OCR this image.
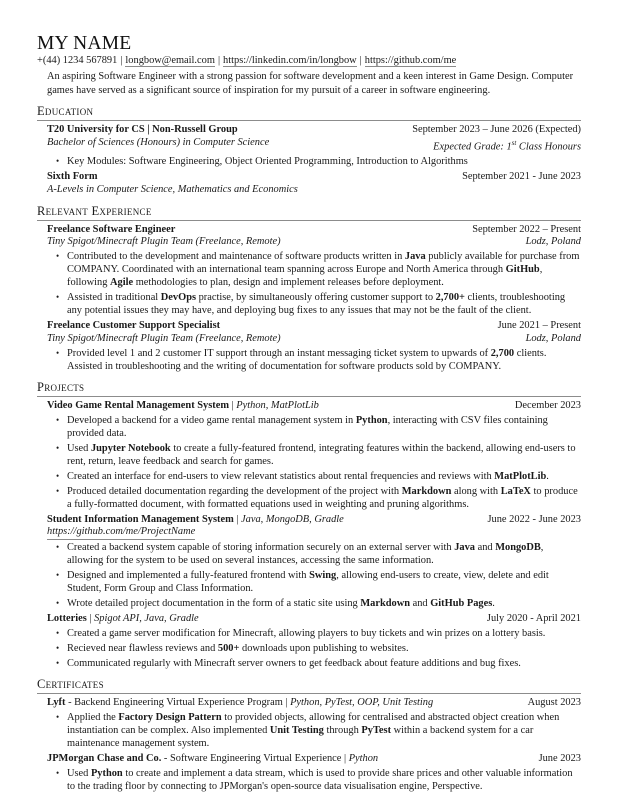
MY NAME
+(44) 1234 567891 | longbow@email.com | https://linkedin.com/in/longbow | https://github.com/me
An aspiring Software Engineer with a strong passion for software development and a keen interest in Game Design. Computer games have served as a significant source of inspiration for my pursuit of a career in software engineering.
Education
T20 University for CS | Non-Russell Group	September 2023 – June 2026 (Expected)
Bachelor of Sciences (Honours) in Computer Science	Expected Grade: 1st Class Honours
• Key Modules: Software Engineering, Object Oriented Programming, Introduction to Algorithms
Sixth Form	September 2021 - June 2023
A-Levels in Computer Science, Mathematics and Economics
Relevant Experience
Freelance Software Engineer	September 2022 – Present
Tiny Spigot/Minecraft Plugin Team (Freelance, Remote)	Lodz, Poland
• Contributed to the development and maintenance of software products written in Java publicly available for purchase from COMPANY. Coordinated with an international team spanning across Europe and North America through GitHub, following Agile methodologies to plan, design and implement releases before deployment.
• Assisted in traditional DevOps practise, by simultaneously offering customer support to 2,700+ clients, troubleshooting any potential issues they may have, and deploying bug fixes to any issues that may not be the fault of the client.
Freelance Customer Support Specialist	June 2021 – Present
Tiny Spigot/Minecraft Plugin Team (Freelance, Remote)	Lodz, Poland
• Provided level 1 and 2 customer IT support through an instant messaging ticket system to upwards of 2,700 clients. Assisted in troubleshooting and the writing of documentation for software products sold by COMPANY.
Projects
Video Game Rental Management System | Python, MatPlotLib	December 2023
• Developed a backend for a video game rental management system in Python, interacting with CSV files containing provided data.
• Used Jupyter Notebook to create a fully-featured frontend, integrating features within the backend, allowing end-users to rent, return, leave feedback and search for games.
• Created an interface for end-users to view relevant statistics about rental frequencies and reviews with MatPlotLib.
• Produced detailed documentation regarding the development of the project with Markdown along with LaTeX to produce a fully-formatted document, with formatted equations used in weighting and pruning algorithms.
Student Information Management System | Java, MongoDB, Gradle	June 2022 - June 2023
https://github.com/me/ProjectName
• Created a backend system capable of storing information securely on an external server with Java and MongoDB, allowing for the system to be used on several instances, accessing the same information.
• Designed and implemented a fully-featured frontend with Swing, allowing end-users to create, view, delete and edit Student, Form Group and Class Information.
• Wrote detailed project documentation in the form of a static site using Markdown and GitHub Pages.
Lotteries | Spigot API, Java, Gradle	July 2020 - April 2021
• Created a game server modification for Minecraft, allowing players to buy tickets and win prizes on a lottery basis.
• Recieved near flawless reviews and 500+ downloads upon publishing to websites.
• Communicated regularly with Minecraft server owners to get feedback about feature additions and bug fixes.
Certificates
Lyft - Backend Engineering Virtual Experience Program | Python, PyTest, OOP, Unit Testing	August 2023
• Applied the Factory Design Pattern to provided objects, allowing for centralised and abstracted object creation when instantiation can be complex. Also implemented Unit Testing through PyTest within a backend system for a car maintenance management system.
JPMorgan Chase and Co. - Software Engineering Virtual Experience | Python	June 2023
• Used Python to create and implement a data stream, which is used to provide share prices and other valuable information to the trading floor by connecting to JPMorgan's open-source data visualisation engine, Perspective.
